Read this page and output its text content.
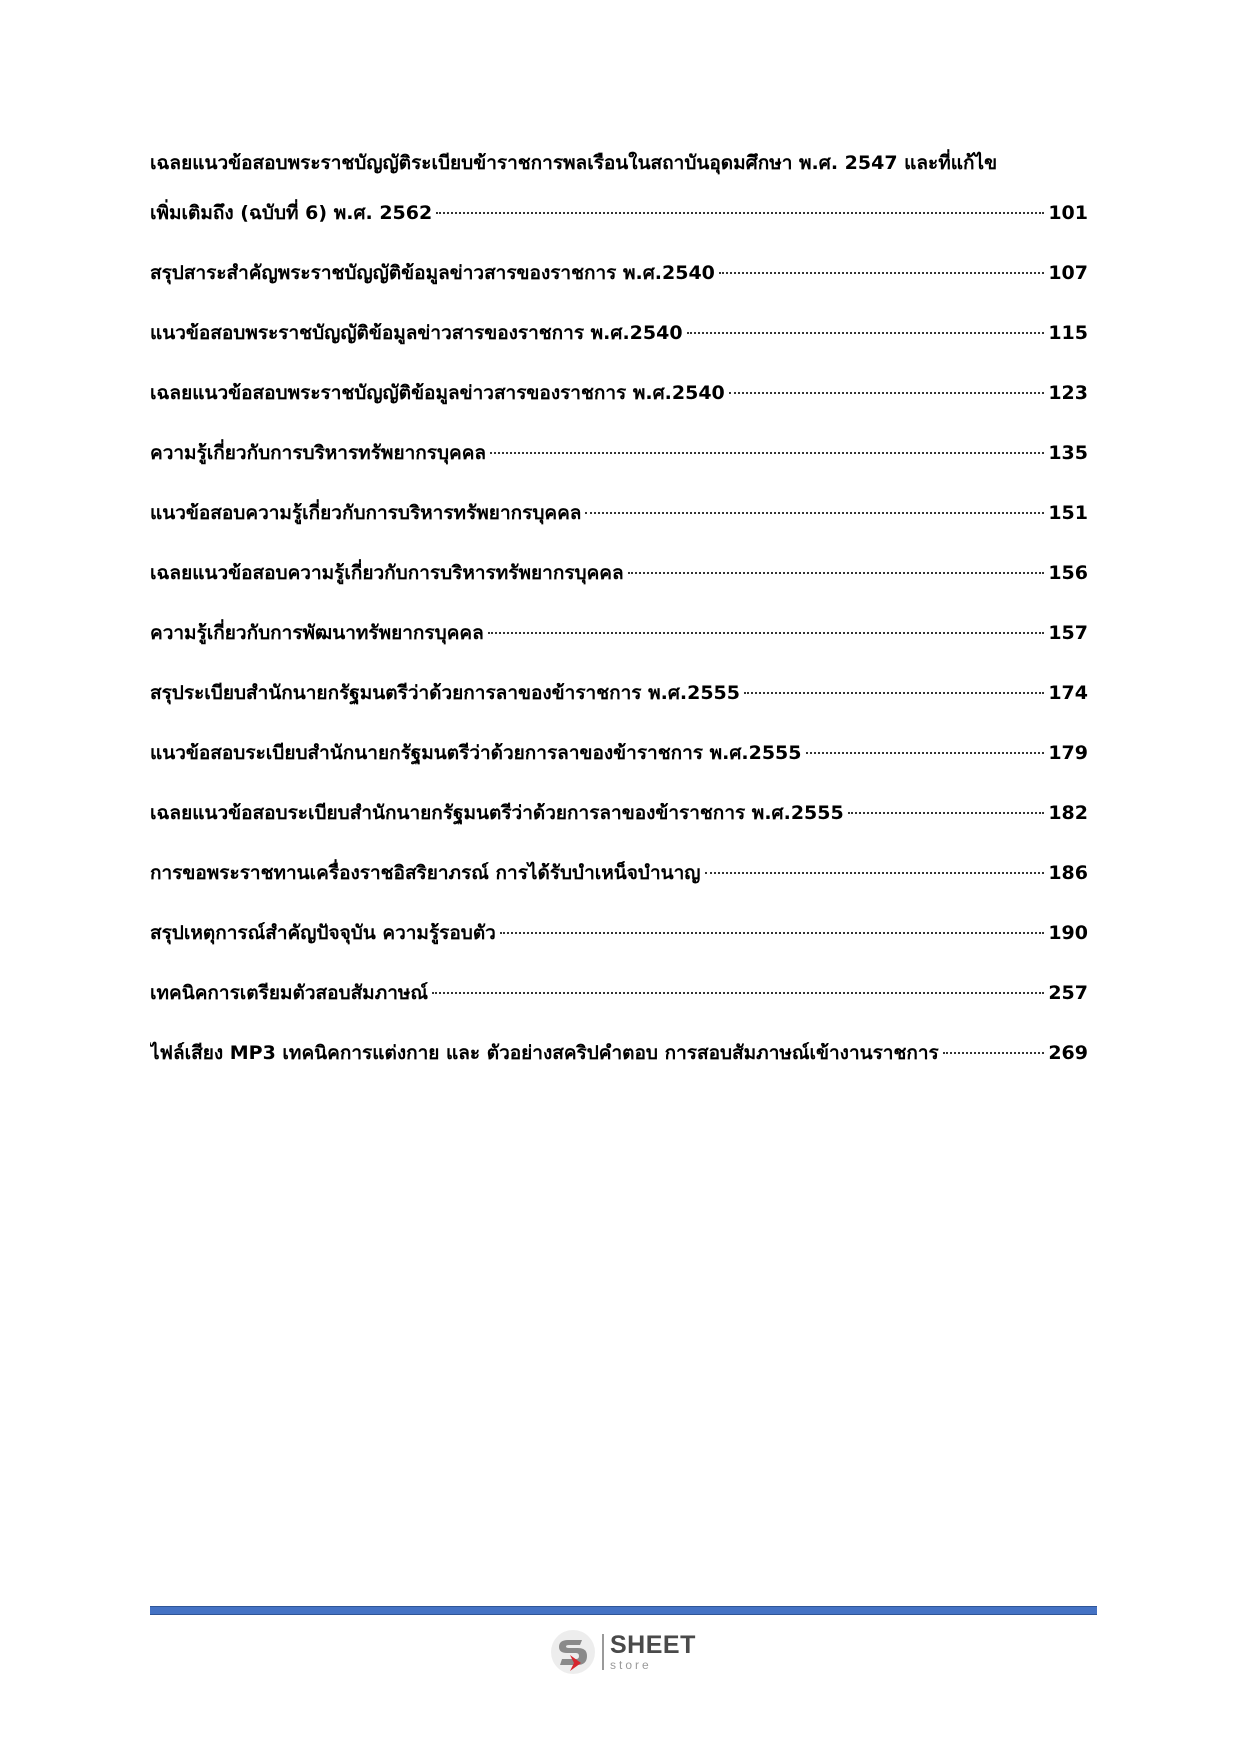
เฉลยแนวข้อสอบพระราชบัญญัติระเบียบข้าราชการพลเรือนในสถาบันอุดมศึกษา พ.ศ. 2547 และที่แก้ไข
เพิ่มเติมถึง (ฉบับที่ 6) พ.ศ. 2562	101
สรุปสาระสำคัญพระราชบัญญัติข้อมูลข่าวสารของราชการ พ.ศ.2540	107
แนวข้อสอบพระราชบัญญัติข้อมูลข่าวสารของราชการ พ.ศ.2540	115
เฉลยแนวข้อสอบพระราชบัญญัติข้อมูลข่าวสารของราชการ พ.ศ.2540	123
ความรู้เกี่ยวกับการบริหารทรัพยากรบุคคล	135
แนวข้อสอบความรู้เกี่ยวกับการบริหารทรัพยากรบุคคล	151
เฉลยแนวข้อสอบความรู้เกี่ยวกับการบริหารทรัพยากรบุคคล	156
ความรู้เกี่ยวกับการพัฒนาทรัพยากรบุคคล	157
สรุประเบียบสำนักนายกรัฐมนตรีว่าด้วยการลาของข้าราชการ พ.ศ.2555	174
แนวข้อสอบระเบียบสำนักนายกรัฐมนตรีว่าด้วยการลาของข้าราชการ พ.ศ.2555	179
เฉลยแนวข้อสอบระเบียบสำนักนายกรัฐมนตรีว่าด้วยการลาของข้าราชการ พ.ศ.2555	182
การขอพระราชทานเครื่องราชอิสริยาภรณ์ การได้รับบำเหน็จบำนาญ	186
สรุปเหตุการณ์สำคัญปัจจุบัน ความรู้รอบตัว	190
เทคนิคการเตรียมตัวสอบสัมภาษณ์	257
ไฟล์เสียง MP3 เทคนิคการแต่งกาย และ ตัวอย่างสคริปคำตอบ การสอบสัมภาษณ์เข้างานราชการ	269
SHEET
store
